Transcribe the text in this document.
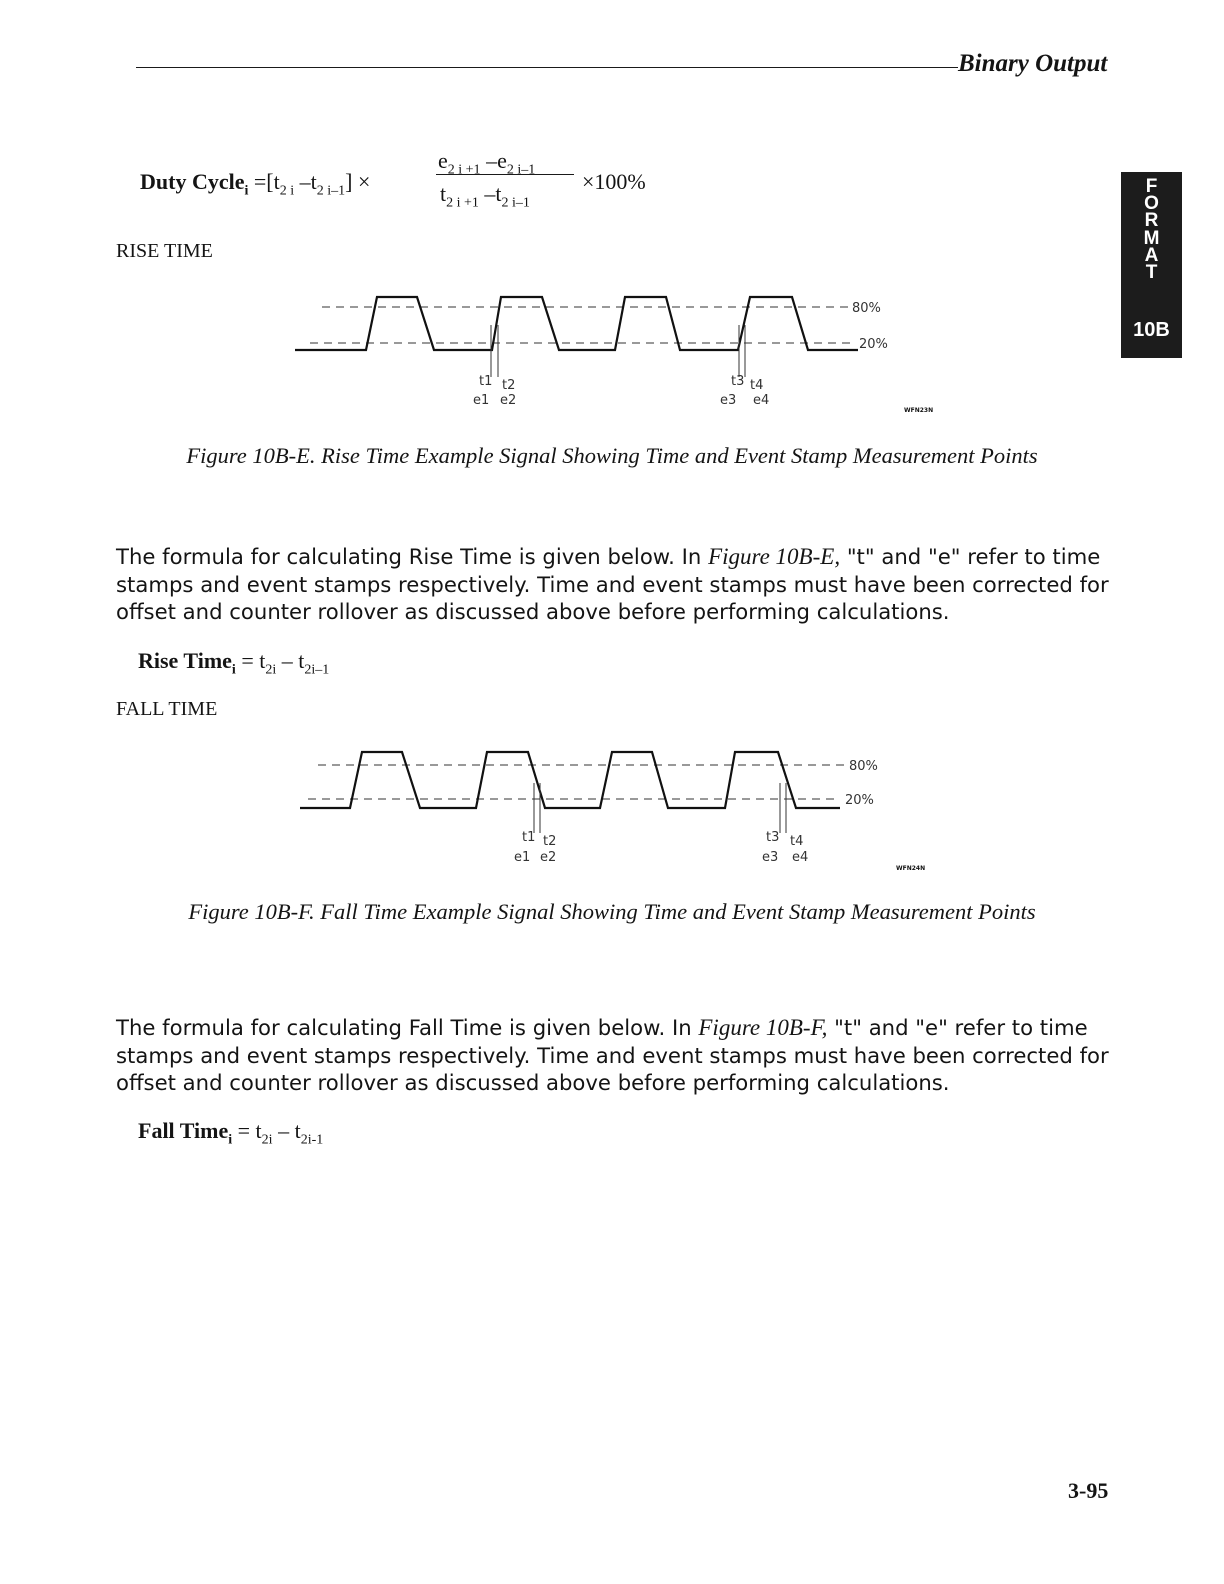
Binary Output
F
O
R
M
A
T
10B
Duty Cycle$_i$ $=[t_{2 i}$ $-t_{2 i-1}$] ×
$e_{2 i +1}$ $-e_{2 i-1}$
$t_{2 i +1}$ $-t_{2 i-1}$
×100%
RISE TIME
80%
20%
t1 t2	t3 t4
e1 e2	e3 e4
WFN23N
Figure 10B-E. Rise Time Example Signal Showing Time and Event Stamp Measurement Points

The formula for calculating Rise Time is given below. In Figure 10B-E, "t" and "e" refer to time stamps and event stamps respectively. Time and event stamps must have been corrected for offset and counter rollover as discussed above before performing calculations.

Rise Time$_i$ = $t_{2i} - t_{2i-1}$
FALL TIME
80%
20%
t1 t2	t3 t4
e1 e2	e3 e4
WFN24N
Figure 10B-F. Fall Time Example Signal Showing Time and Event Stamp Measurement Points

The formula for calculating Fall Time is given below. In Figure 10B-F, "t" and "e" refer to time stamps and event stamps respectively. Time and event stamps must have been corrected for offset and counter rollover as discussed above before performing calculations.

Fall Time$_i$ = $t_{2i} - t_{2i-1}$
3-95
